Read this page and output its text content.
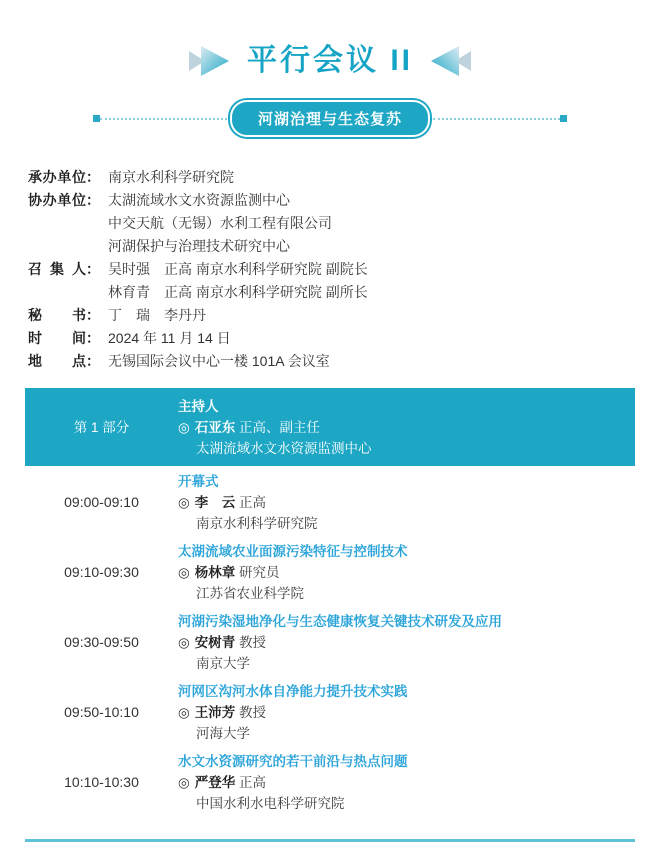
平行会议 II
河湖治理与生态复苏
承办单位： 南京水利科学研究院
协办单位： 太湖流域水文水资源监测中心
中交天航（无锡）水利工程有限公司
河湖保护与治理技术研究中心
召集人： 吴时强　正高 南京水利科学研究院 副院长
林育青　正高 南京水利科学研究院 副所长
秘书： 丁　瑞　李丹丹
时间： 2024 年 11 月 14 日
地点： 无锡国际会议中心一楼 101A 会议室
第 1 部分
主持人
◎ 石亚东 正高、副主任
太湖流域水文水资源监测中心
09:00-09:10
开幕式
◎ 李　云 正高
南京水利科学研究院
09:10-09:30
太湖流域农业面源污染特征与控制技术
◎ 杨林章 研究员
江苏省农业科学院
09:30-09:50
河湖污染湿地净化与生态健康恢复关键技术研发及应用
◎ 安树青 教授
南京大学
09:50-10:10
河网区沟河水体自净能力提升技术实践
◎ 王沛芳 教授
河海大学
10:10-10:30
水文水资源研究的若干前沿与热点问题
◎ 严登华 正高
中国水利水电科学研究院
